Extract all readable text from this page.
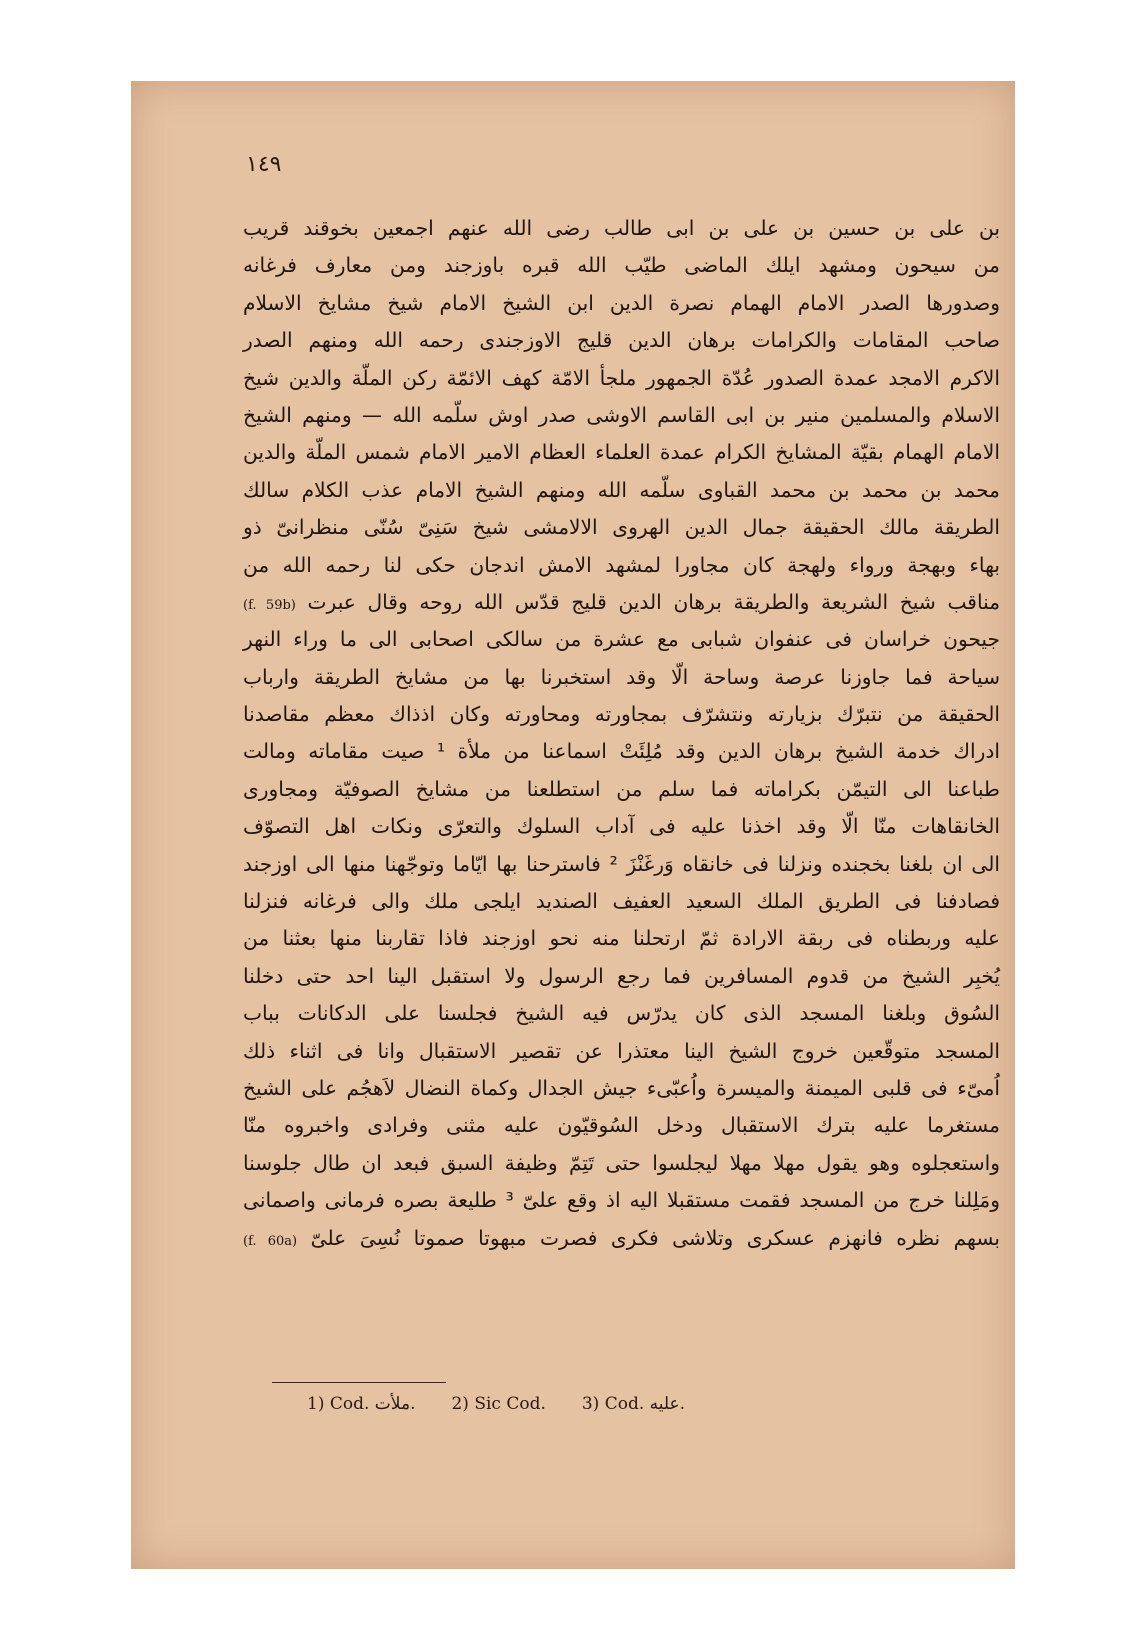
١٤٩
بن علی بن حسین بن علی بن ابی طالب رضی الله عنهم اجمعین بخوقند قریب
من سیحون ومشهد ایلك الماضی طیّب الله قبره باوزجند ومن معارف فرغانه
وصدورها الصدر الامام الهمام نصرة الدین ابن الشیخ الامام شیخ مشایخ الاسلام
صاحب المقامات والکرامات برهان الدین قلیج الاوزجندی رحمه الله ومنهم الصدر
الاکرم الامجد عمدة الصدور عُدّة الجمهور ملجأ الامّة کهف الائمّة رکن الملّة والدین شیخ
الاسلام والمسلمین منیر بن ابی القاسم الاوشی صدر اوش سلّمه الله — ومنهم الشیخ
الامام الهمام بقیّة المشایخ الکرام عمدة العلماء العظام الامیر الامام شمس الملّة والدین
محمد بن محمد بن محمد القباوی سلّمه الله ومنهم الشیخ الامام عذب الکلام سالك
الطریقة مالك الحقیقة جمال الدین الهروی الالامشی شیخ سَنِیّ سُنّی منظرانیّ ذو
بهاء وبهجة ورواء ولهجة کان مجاورا لمشهد الامش اندجان حکی لنا رحمه الله من
مناقب شیخ الشریعة والطریقة برهان الدین قلیج قدّس الله روحه وقال عبرت (f. 59b)
جیحون خراسان فی عنفوان شبابی مع عشرة من سالکی اصحابی الی ما وراء النهر
سیاحة فما جاوزنا عرصة وساحة الّا وقد استخبرنا بها من مشایخ الطریقة وارباب
الحقیقة من نتبرّك بزیارته ونتشرّف بمجاورته ومحاورته وکان اذذاك معظم مقاصدنا
ادراك خدمة الشیخ برهان الدین وقد مُلِئَتْ اسماعنا من ملأة ¹ صیت مقاماته ومالت
طباعنا الی التیمّن بکراماته فما سلم من استطلعنا من مشایخ الصوفیّة ومجاوری
الخانقاهات منّا الّا وقد اخذنا علیه فی آداب السلوك والتعرّی ونکات اهل التصوّف
الی ان بلغنا بخجنده ونزلنا فی خانقاه وَرغَنْزَ ² فاسترحنا بها ایّاما وتوجّهنا منها الی اوزجند
فصادفنا فی الطریق الملك السعید العفیف الصندید ایلجی ملك والی فرغانه فنزلنا
علیه وربطناه فی ربقة الارادة ثمّ ارتحلنا منه نحو اوزجند فاذا تقاربنا منها بعثنا من
یُخبِر الشیخ من قدوم المسافرین فما رجع الرسول ولا استقبل الینا احد حتی دخلنا
السُوق وبلغنا المسجد الذی کان یدرّس فیه الشیخ فجلسنا علی الدکانات بباب
المسجد متوقّعین خروج الشیخ الینا معتذرا عن تقصیر الاستقبال وانا فی اثناء ذلك
اُمیّء فی قلبی المیمنة والمیسرة واُعبّیء جیش الجدال وکماة النضال لاَهجُم علی الشیخ
مستغرما علیه بترك الاستقبال ودخل السُوقیّون علیه مثنی وفرادی واخبروه منّا
واستعجلوه وهو یقول مهلا مهلا لیجلسوا حتی تَتِمّ وظیفة السبق فبعد ان طال جلوسنا
ومَلِلنا خرج من المسجد فقمت مستقبلا الیه اذ وقع علیّ ³ طلیعة بصره فرمانی واصمانی
بسهم نظره فانهزم عسکری وتلاشی فکری فصرت مبهوتا صموتا نُسِیَ علیّ (f. 60a)
1) Cod. ملأت. 2) Sic Cod. 3) Cod. علیه.
